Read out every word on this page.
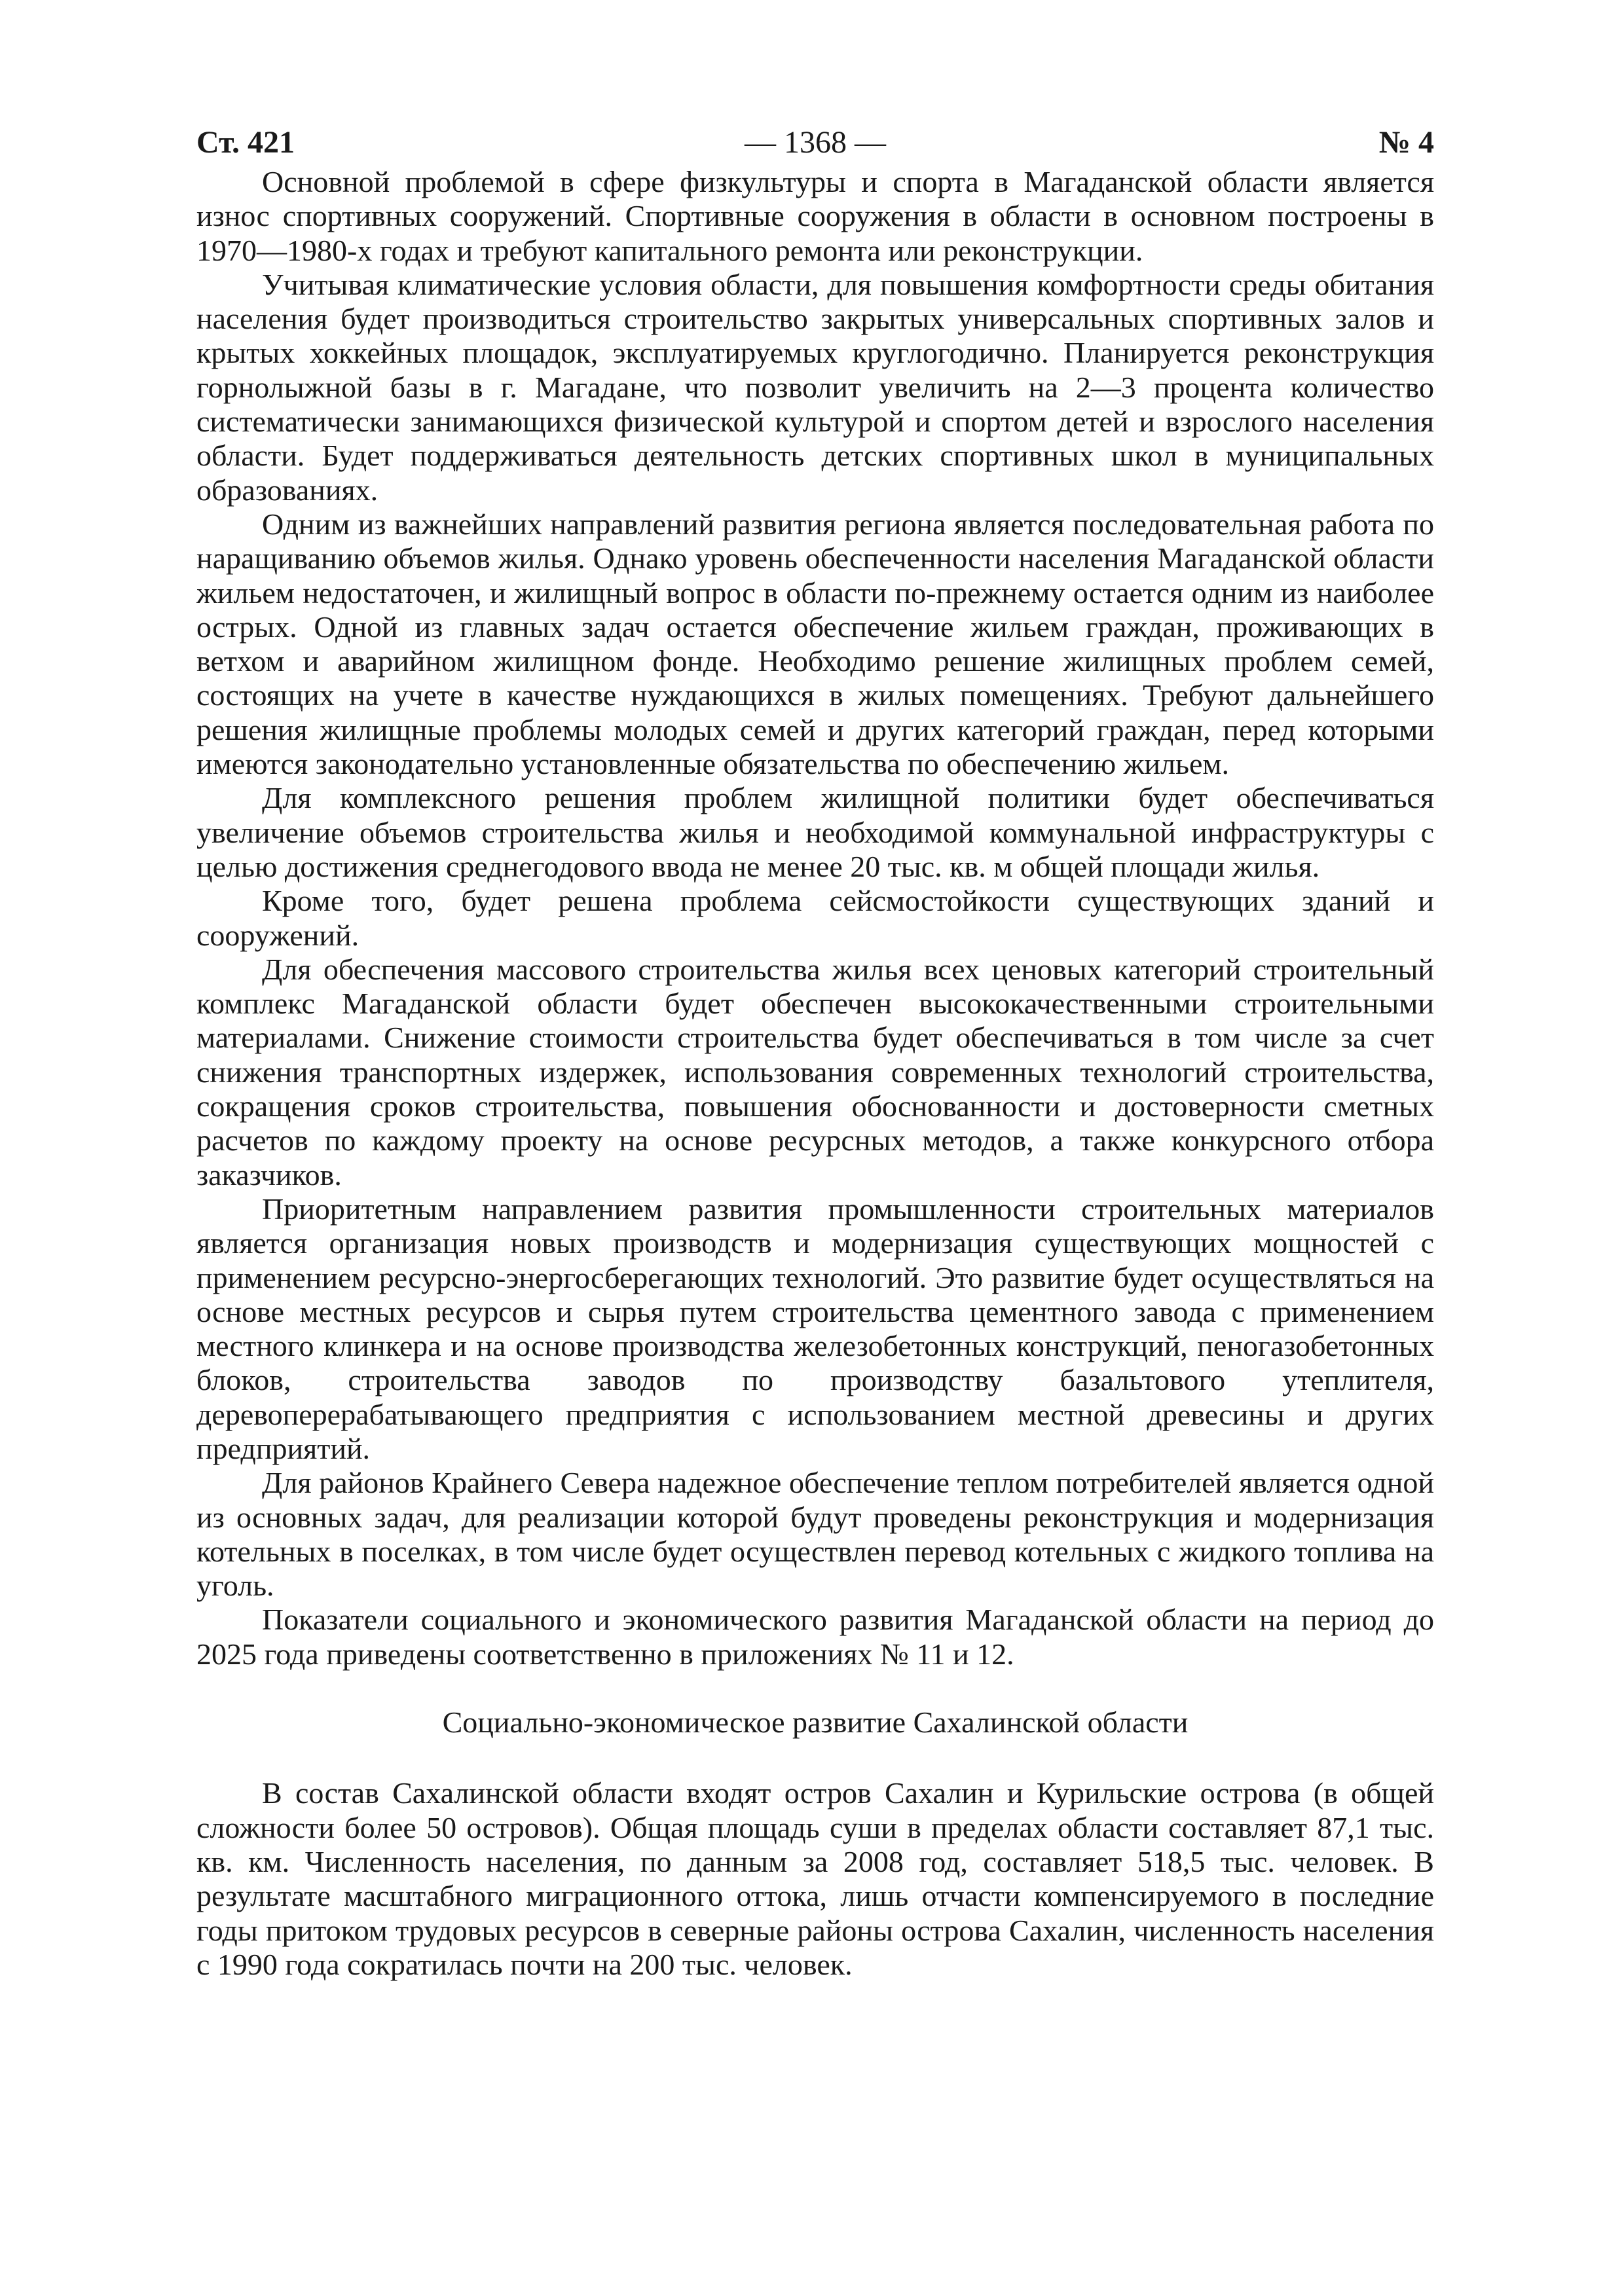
Ст. 421	— 1368 —	№ 4

Основной проблемой в сфере физкультуры и спорта в Магаданской области является износ спортивных сооружений. Спортивные сооружения в области в основном построены в 1970—1980-х годах и требуют капитального ремонта или реконструкции.

Учитывая климатические условия области, для повышения комфортности среды обитания населения будет производиться строительство закрытых универсальных спортивных залов и крытых хоккейных площадок, эксплуатируемых круглогодично. Планируется реконструкция горнолыжной базы в г. Магадане, что позволит увеличить на 2—3 процента количество систематически занимающихся физической культурой и спортом детей и взрослого населения области. Будет поддерживаться деятельность детских спортивных школ в муниципальных образованиях.

Одним из важнейших направлений развития региона является последовательная работа по наращиванию объемов жилья. Однако уровень обеспеченности населения Магаданской области жильем недостаточен, и жилищный вопрос в области по-прежнему остается одним из наиболее острых. Одной из главных задач остается обеспечение жильем граждан, проживающих в ветхом и аварийном жилищном фонде. Необходимо решение жилищных проблем семей, состоящих на учете в качестве нуждающихся в жилых помещениях. Требуют дальнейшего решения жилищные проблемы молодых семей и других категорий граждан, перед которыми имеются законодательно установленные обязательства по обеспечению жильем.

Для комплексного решения проблем жилищной политики будет обеспечиваться увеличение объемов строительства жилья и необходимой коммунальной инфраструктуры с целью достижения среднегодового ввода не менее 20 тыс. кв. м общей площади жилья.

Кроме того, будет решена проблема сейсмостойкости существующих зданий и сооружений.

Для обеспечения массового строительства жилья всех ценовых категорий строительный комплекс Магаданской области будет обеспечен высококачественными строительными материалами. Снижение стоимости строительства будет обеспечиваться в том числе за счет снижения транспортных издержек, использования современных технологий строительства, сокращения сроков строительства, повышения обоснованности и достоверности сметных расчетов по каждому проекту на основе ресурсных методов, а также конкурсного отбора заказчиков.

Приоритетным направлением развития промышленности строительных материалов является организация новых производств и модернизация существующих мощностей с применением ресурсно-энергосберегающих технологий. Это развитие будет осуществляться на основе местных ресурсов и сырья путем строительства цементного завода с применением местного клинкера и на основе производства железобетонных конструкций, пеногазобетонных блоков, строительства заводов по производству базальтового утеплителя, деревоперерабатывающего предприятия с использованием местной древесины и других предприятий.

Для районов Крайнего Севера надежное обеспечение теплом потребителей является одной из основных задач, для реализации которой будут проведены реконструкция и модернизация котельных в поселках, в том числе будет осуществлен перевод котельных с жидкого топлива на уголь.

Показатели социального и экономического развития Магаданской области на период до 2025 года приведены соответственно в приложениях № 11 и 12.

Социально-экономическое развитие Сахалинской области

В состав Сахалинской области входят остров Сахалин и Курильские острова (в общей сложности более 50 островов). Общая площадь суши в пределах области составляет 87,1 тыс. кв. км. Численность населения, по данным за 2008 год, составляет 518,5 тыс. человек. В результате масштабного миграционного оттока, лишь отчасти компенсируемого в последние годы притоком трудовых ресурсов в северные районы острова Сахалин, численность населения с 1990 года сократилась почти на 200 тыс. человек.
